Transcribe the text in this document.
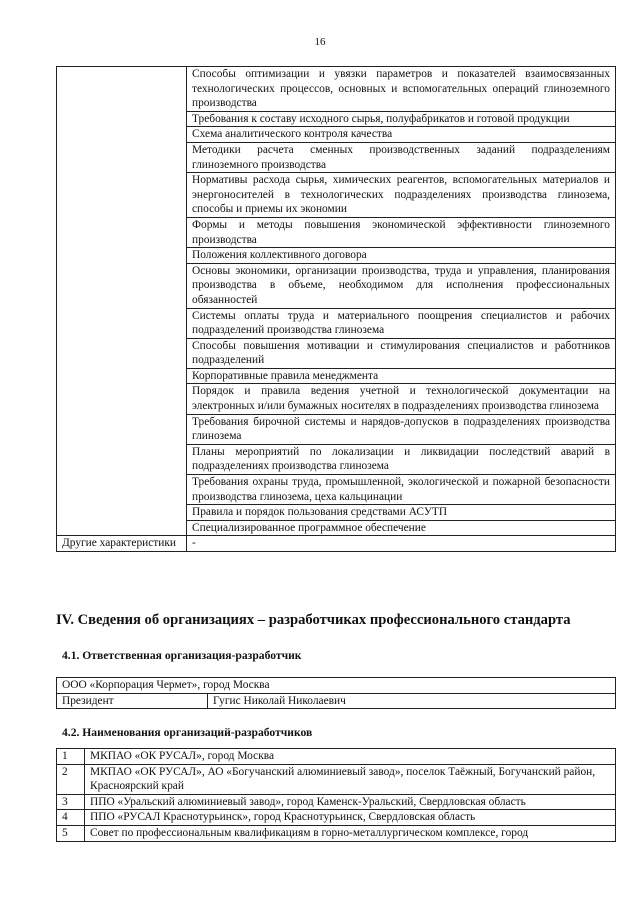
16
	Способы оптимизации и увязки параметров и показателей взаимосвязанных технологических процессов, основных и вспомогательных операций глиноземного производства
	Требования к составу исходного сырья, полуфабрикатов и готовой продукции
	Схема аналитического контроля качества
	Методики расчета сменных производственных заданий подразделениям глиноземного производства
	Нормативы расхода сырья, химических реагентов, вспомогательных материалов и энергоносителей в технологических подразделениях производства глинозема, способы и приемы их экономии
	Формы и методы повышения экономической эффективности глиноземного производства
	Положения коллективного договора
	Основы экономики, организации производства, труда и управления, планирования производства в объеме, необходимом для исполнения профессиональных обязанностей
	Системы оплаты труда и материального поощрения специалистов и рабочих подразделений производства глинозема
	Способы повышения мотивации и стимулирования специалистов и работников подразделений
	Корпоративные правила менеджмента
	Порядок и правила ведения учетной и технологической документации на электронных и/или бумажных носителях в подразделениях производства глинозема
	Требования бирочной системы и нарядов-допусков в подразделениях производства глинозема
	Планы мероприятий по локализации и ликвидации последствий аварий в подразделениях производства глинозема
	Требования охраны труда, промышленной, экологической и пожарной безопасности производства глинозема, цеха кальцинации
	Правила и порядок пользования средствами АСУТП
	Специализированное программное обеспечение
Другие характеристики	-
IV. Сведения об организациях – разработчиках профессионального стандарта
4.1. Ответственная организация-разработчик
ООО «Корпорация Чермет», город Москва
Президент	Гугис Николай Николаевич
4.2. Наименования организаций-разработчиков
1	МКПАО «ОК РУСАЛ», город Москва
2	МКПАО «ОК РУСАЛ», АО «Богучанский алюминиевый завод», поселок Таёжный, Богучанский район, Красноярский край
3	ППО «Уральский алюминиевый завод», город Каменск-Уральский, Свердловская область
4	ППО «РУСАЛ Краснотурьинск», город Краснотурьинск, Свердловская область
5	Совет по профессиональным квалификациям в горно-металлургическом комплексе, город
